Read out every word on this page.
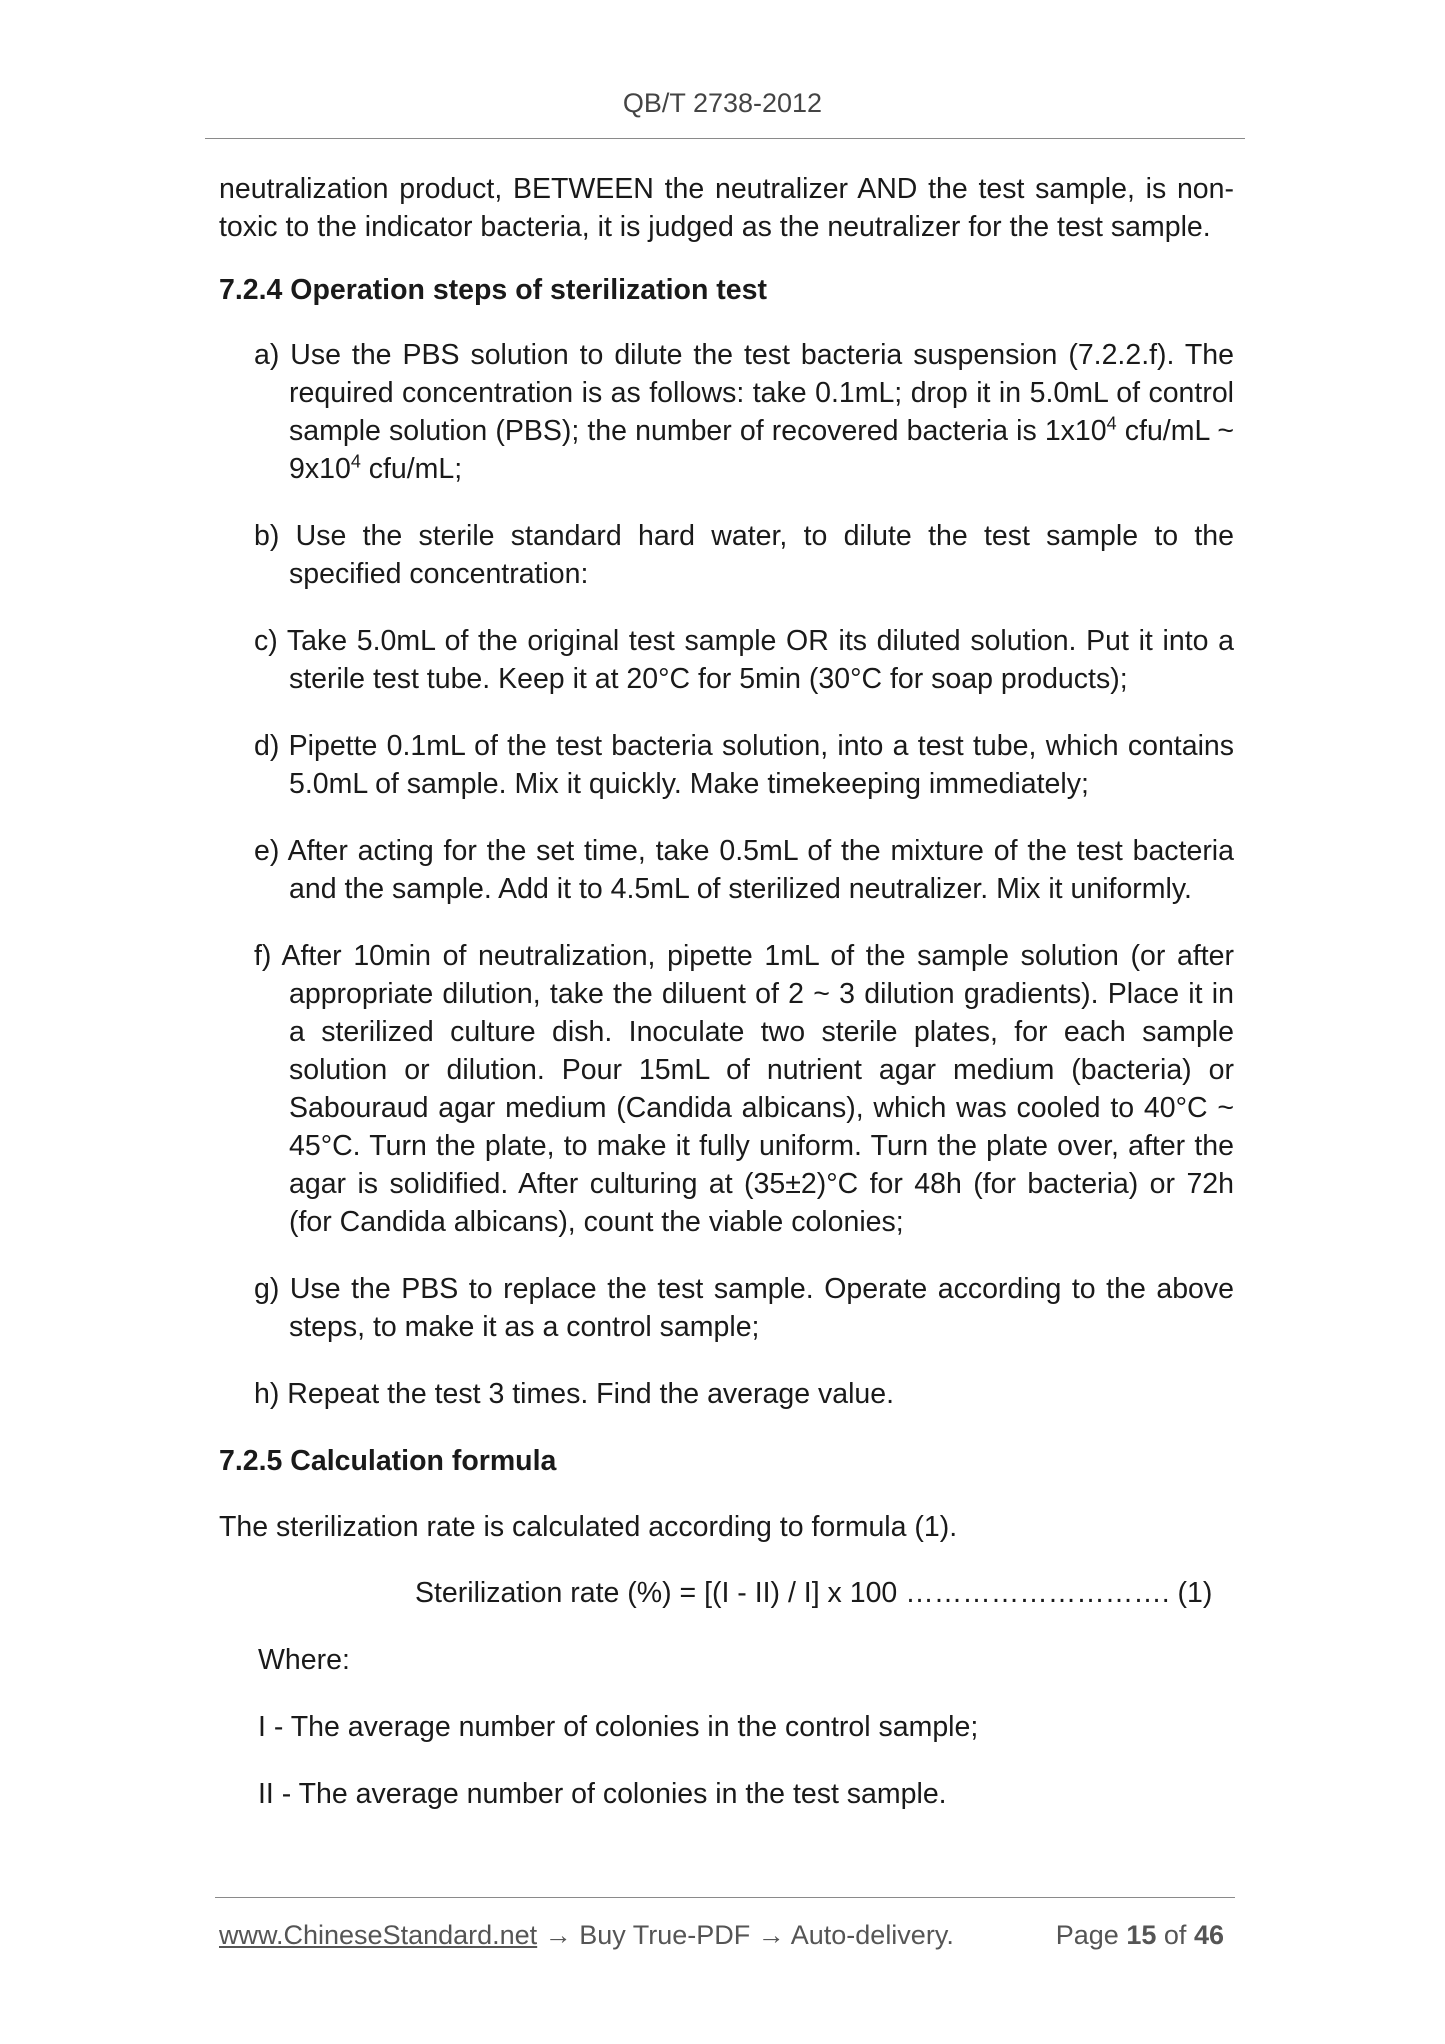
QB/T 2738-2012

neutralization product, BETWEEN the neutralizer AND the test sample, is non-toxic to the indicator bacteria, it is judged as the neutralizer for the test sample.

7.2.4 Operation steps of sterilization test

a) Use the PBS solution to dilute the test bacteria suspension (7.2.2.f). The required concentration is as follows: take 0.1mL; drop it in 5.0mL of control sample solution (PBS); the number of recovered bacteria is $1x10^4$ cfu/mL ~ $9x10^4$ cfu/mL;
b) Use the sterile standard hard water, to dilute the test sample to the specified concentration:
c) Take 5.0mL of the original test sample OR its diluted solution. Put it into a sterile test tube. Keep it at 20°C for 5min (30°C for soap products);
d) Pipette 0.1mL of the test bacteria solution, into a test tube, which contains 5.0mL of sample. Mix it quickly. Make timekeeping immediately;
e) After acting for the set time, take 0.5mL of the mixture of the test bacteria and the sample. Add it to 4.5mL of sterilized neutralizer. Mix it uniformly.
f) After 10min of neutralization, pipette 1mL of the sample solution (or after appropriate dilution, take the diluent of 2 ~ 3 dilution gradients). Place it in a sterilized culture dish. Inoculate two sterile plates, for each sample solution or dilution. Pour 15mL of nutrient agar medium (bacteria) or Sabouraud agar medium (Candida albicans), which was cooled to 40°C ~ 45°C. Turn the plate, to make it fully uniform. Turn the plate over, after the agar is solidified. After culturing at (35±2)°C for 48h (for bacteria) or 72h (for Candida albicans), count the viable colonies;
g) Use the PBS to replace the test sample. Operate according to the above steps, to make it as a control sample;
h) Repeat the test 3 times. Find the average value.

7.2.5 Calculation formula

The sterilization rate is calculated according to formula (1).

Sterilization rate (%) = [(I - II) / I] x 100 ………………………. (1)

Where:

I - The average number of colonies in the control sample;

II - The average number of colonies in the test sample.

www.ChineseStandard.net → Buy True-PDF → Auto-delivery.	Page 15 of 46
